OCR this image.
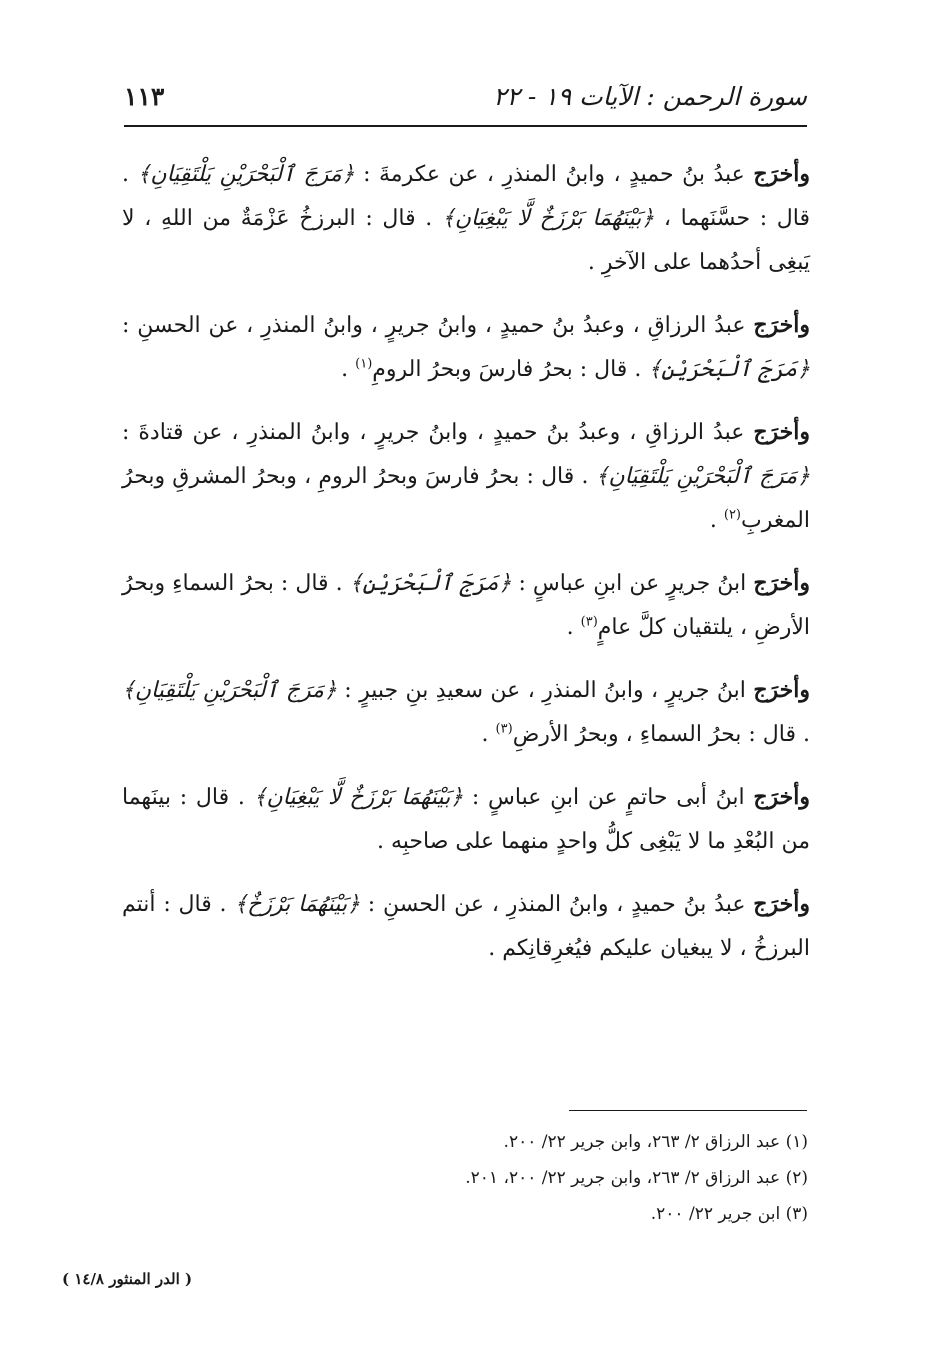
سورة الرحمن : الآيات ١٩ - ٢٢
١١٣

وأخرَج عبدُ بنُ حميدٍ ، وابنُ المنذرِ ، عن عكرمةَ : ﴿مَرَجَ ٱلْبَحْرَيْنِ يَلْتَقِيَانِ﴾ . قال : حسَّنَهما ، ﴿بَيْنَهُمَا بَرْزَخٌ لَّا يَبْغِيَانِ﴾ . قال : البرزخُ عَزْمَةٌ من اللهِ ، لا يَبغِى أحدُهما على الآخرِ .

وأخرَج عبدُ الرزاقِ ، وعبدُ بنُ حميدٍ ، وابنُ جريرٍ ، وابنُ المنذرِ ، عن الحسنِ : ﴿مَرَجَ ٱلْبَحْرَيْنِ﴾ . قال : بحرُ فارسَ وبحرُ الرومِ$^{(١)}$ .

وأخرَج عبدُ الرزاقِ ، وعبدُ بنُ حميدٍ ، وابنُ جريرٍ ، وابنُ المنذرِ ، عن قتادةَ : ﴿مَرَجَ ٱلْبَحْرَيْنِ يَلْتَقِيَانِ﴾ . قال : بحرُ فارسَ وبحرُ الرومِ ، وبحرُ المشرقِ وبحرُ المغربِ$^{(٢)}$ .

وأخرَج ابنُ جريرٍ عن ابنِ عباسٍ : ﴿مَرَجَ ٱلْبَحْرَيْنِ﴾ . قال : بحرُ السماءِ وبحرُ الأرضِ ، يلتقيان كلَّ عامٍ$^{(٣)}$ .

وأخرَج ابنُ جريرٍ ، وابنُ المنذرِ ، عن سعيدِ بنِ جبيرٍ : ﴿مَرَجَ ٱلْبَحْرَيْنِ يَلْتَقِيَانِ﴾ . قال : بحرُ السماءِ ، وبحرُ الأرضِ$^{(٣)}$ .

وأخرَج ابنُ أبى حاتمٍ عن ابنِ عباسٍ : ﴿بَيْنَهُمَا بَرْزَخٌ لَّا يَبْغِيَانِ﴾ . قال : بينَهما من البُعْدِ ما لا يَبْغِى كلُّ واحدٍ منهما على صاحبِه .

وأخرَج عبدُ بنُ حميدٍ ، وابنُ المنذرِ ، عن الحسنِ : ﴿بَيْنَهُمَا بَرْزَخٌ﴾ . قال : أنتم البرزخُ ، لا يبغيان عليكم فيُغرِقانِكم .

(١) عبد الرزاق ٢/ ٢٦٣، وابن جرير ٢٢/ ٢٠٠.
(٢) عبد الرزاق ٢/ ٢٦٣، وابن جرير ٢٢/ ٢٠٠، ٢٠١.
(٣) ابن جرير ٢٢/ ٢٠٠.
( الدر المنثور ١٤/٨ )
